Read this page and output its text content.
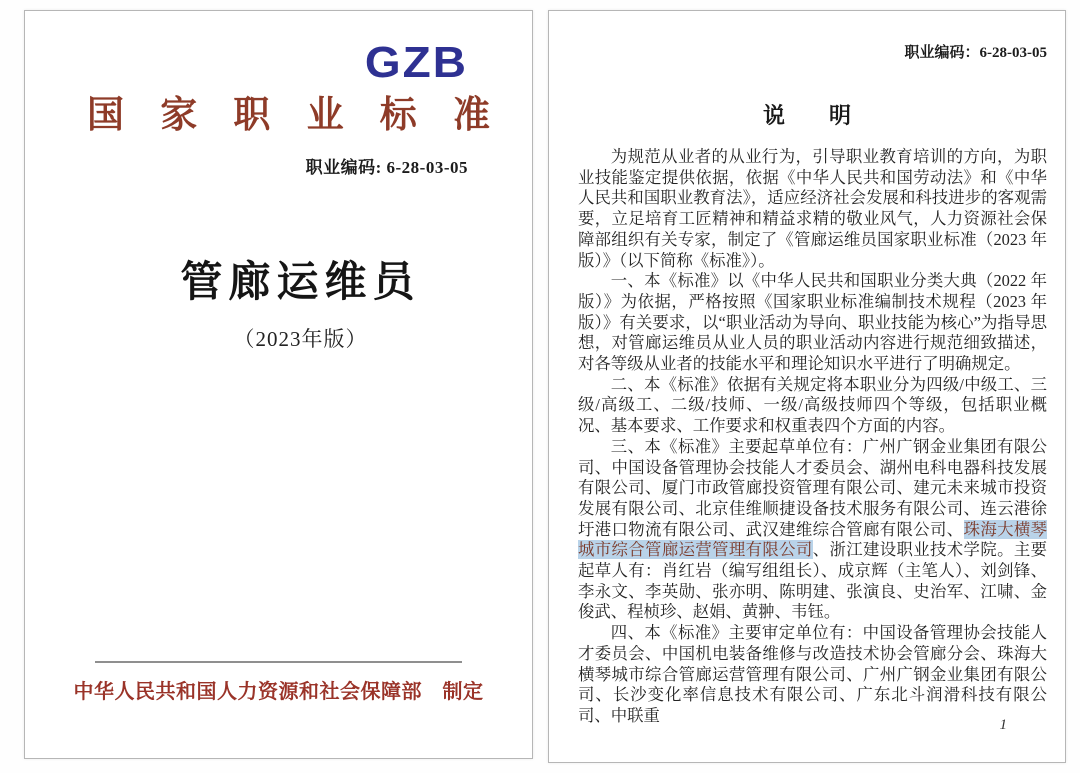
GZB
国家职业标准
职业编码: 6-28-03-05
管廊运维员
（2023年版）
中华人民共和国人力资源和社会保障部　制定
职业编码：6-28-03-05
说　　明

为规范从业者的从业行为，引导职业教育培训的方向，为职业技能鉴定提供依据，依据《中华人民共和国劳动法》和《中华人民共和国职业教育法》，适应经济社会发展和科技进步的客观需要，立足培育工匠精神和精益求精的敬业风气，人力资源社会保障部组织有关专家，制定了《管廊运维员国家职业标准（2023 年版）》（以下简称《标准》）。

一、本《标准》以《中华人民共和国职业分类大典（2022 年版）》为依据，严格按照《国家职业标准编制技术规程（2023 年版）》有关要求，以“职业活动为导向、职业技能为核心”为指导思想，对管廊运维员从业人员的职业活动内容进行规范细致描述，对各等级从业者的技能水平和理论知识水平进行了明确规定。

二、本《标准》依据有关规定将本职业分为四级/中级工、三级/高级工、二级/技师、一级/高级技师四个等级，包括职业概况、基本要求、工作要求和权重表四个方面的内容。

三、本《标准》主要起草单位有：广州广钢金业集团有限公司、中国设备管理协会技能人才委员会、湖州电科电器科技发展有限公司、厦门市政管廊投资管理有限公司、建元未来城市投资发展有限公司、北京佳维顺捷设备技术服务有限公司、连云港徐圩港口物流有限公司、武汉建维综合管廊有限公司、珠海大横琴城市综合管廊运营管理有限公司、浙江建设职业技术学院。主要起草人有：肖红岩（编写组组长）、成京辉（主笔人）、刘剑锋、李永文、李英勋、张亦明、陈明建、张演良、史治军、江啸、金俊武、程桢珍、赵娟、黄翀、韦钰。

四、本《标准》主要审定单位有：中国设备管理协会技能人才委员会、中国机电装备维修与改造技术协会管廊分会、珠海大横琴城市综合管廊运营管理有限公司、广州广钢金业集团有限公司、长沙变化率信息技术有限公司、广东北斗润滑科技有限公司、中联重

1
